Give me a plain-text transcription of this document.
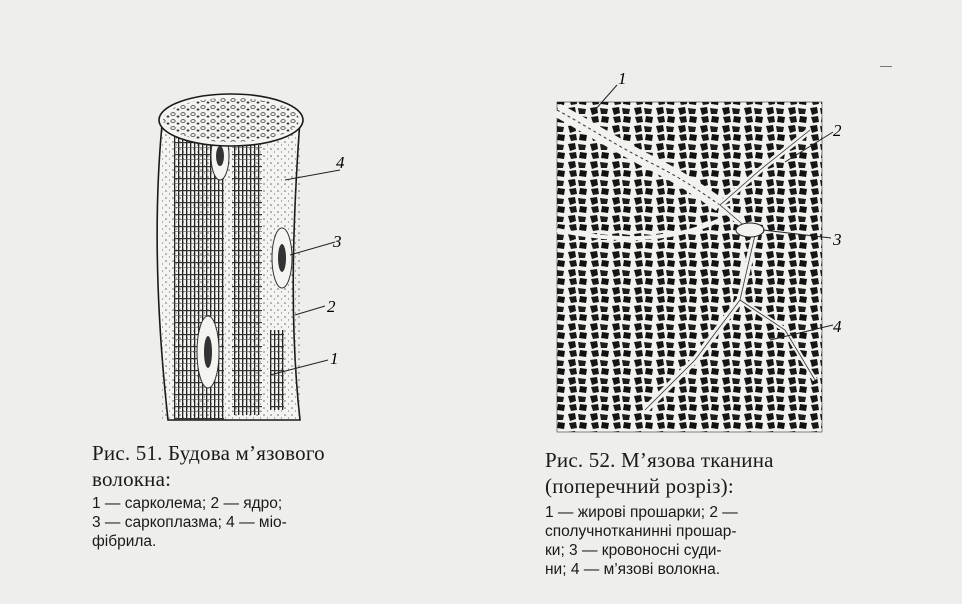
4
3
2
1
1
2
3
4
Рис. 51. Будова м’язового
волокна:
1 — сарколема; 2 — ядро;
3 — саркоплазма; 4 — міо-
фібрила.
Рис. 52. М’язова тканина
(поперечний розріз):
1 — жирові прошарки; 2 —
сполучнотканинні прошар-
ки; 3 — кровоносні суди-
ни; 4 — м’язові волокна.
